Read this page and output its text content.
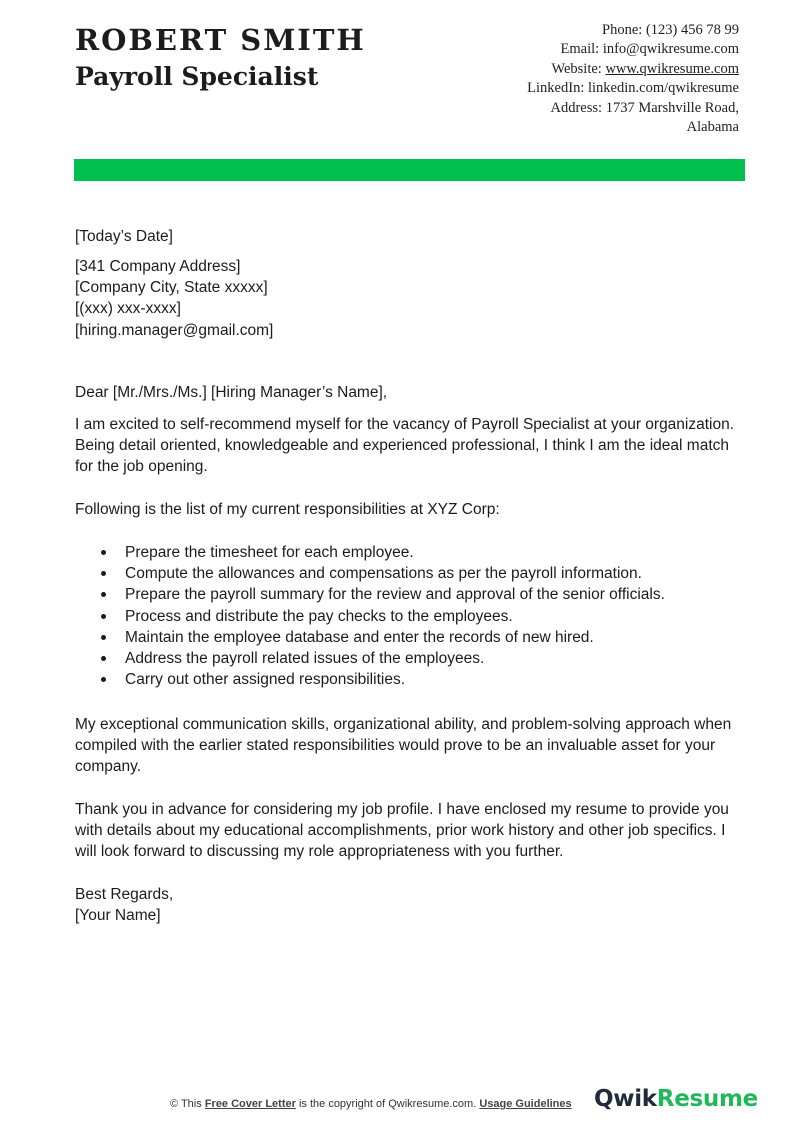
ROBERT SMITH
Payroll Specialist
Phone: (123) 456 78 99
Email: info@qwikresume.com
Website: www.qwikresume.com
LinkedIn: linkedin.com/qwikresume
Address: 1737 Marshville Road,
Alabama

[Today’s Date]

[341 Company Address]

[Company City, State xxxxx]

[(xxx) xxx-xxxx]

[hiring.manager@gmail.com]

Dear [Mr./Mrs./Ms.] [Hiring Manager’s Name],

I am excited to self-recommend myself for the vacancy of Payroll Specialist at your organization. Being detail oriented, knowledgeable and experienced professional, I think I am the ideal match for the job opening.

Following is the list of my current responsibilities at XYZ Corp:

Prepare the timesheet for each employee.
Compute the allowances and compensations as per the payroll information.
Prepare the payroll summary for the review and approval of the senior officials.
Process and distribute the pay checks to the employees.
Maintain the employee database and enter the records of new hired.
Address the payroll related issues of the employees.
Carry out other assigned responsibilities.

My exceptional communication skills, organizational ability, and problem-solving approach when compiled with the earlier stated responsibilities would prove to be an invaluable asset for your company.

Thank you in advance for considering my job profile. I have enclosed my resume to provide you with details about my educational accomplishments, prior work history and other job specifics. I will look forward to discussing my role appropriateness with you further.

Best Regards,

[Your Name]

© This Free Cover Letter is the copyright of Qwikresume.com. Usage Guidelines QwikResume
